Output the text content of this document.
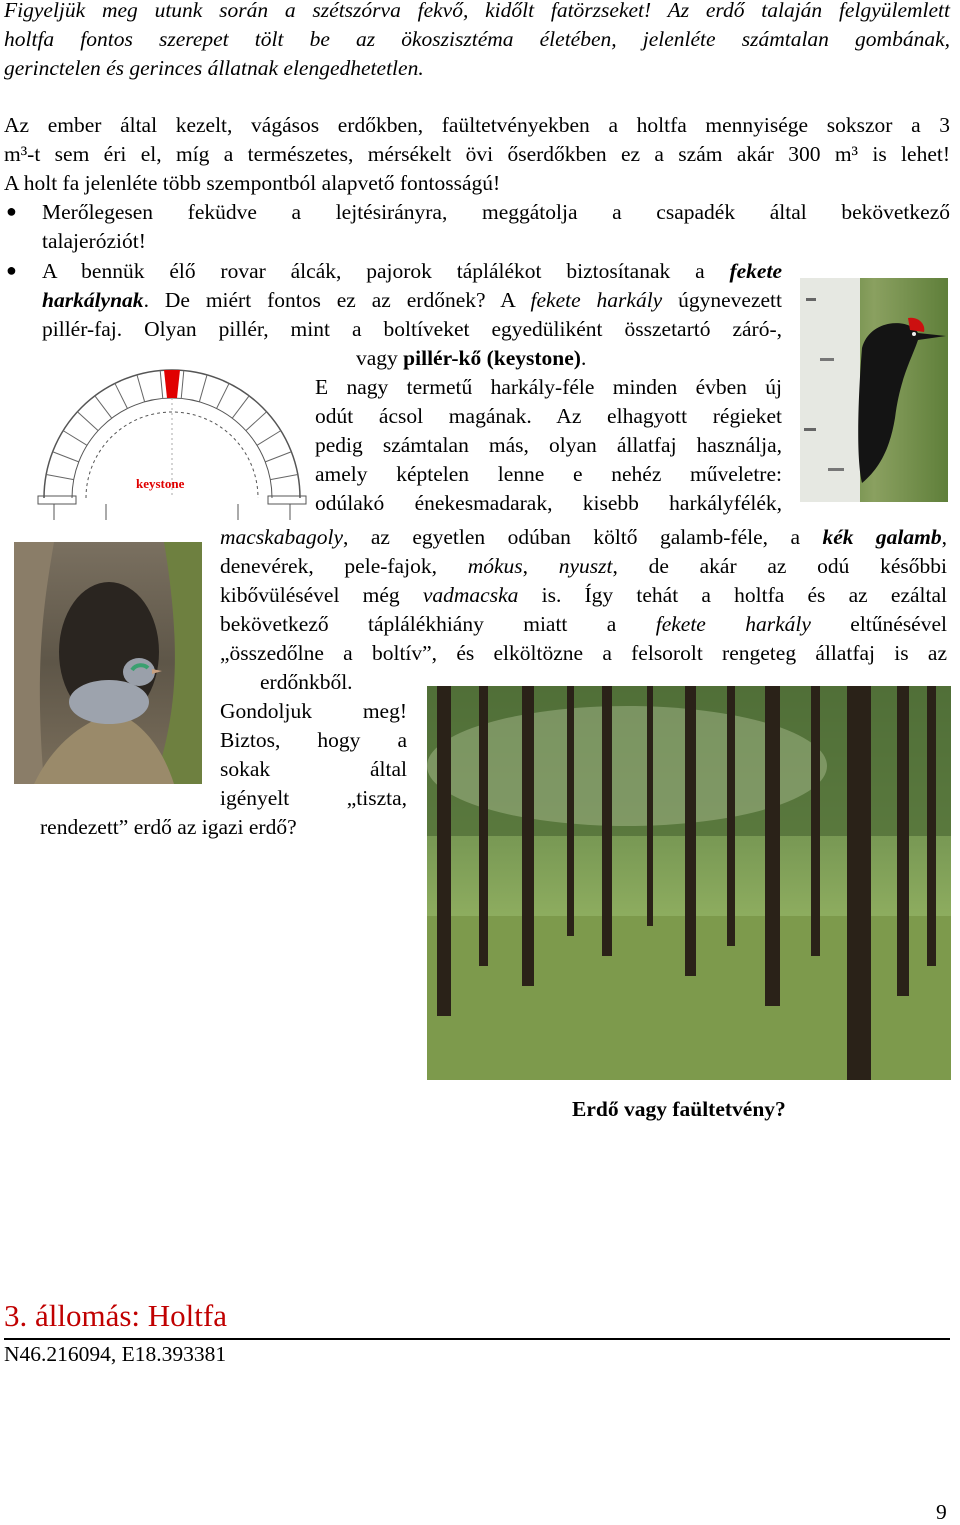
Figyeljük meg utunk során a szétszórva fekvő, kidőlt fatörzseket! Az erdő talaján felgyülemlett
holtfa fontos szerepet tölt be az ökoszisztéma életében, jelenléte számtalan gombának,
gerinctelen és gerinces állatnak elengedhetetlen.
Az ember által kezelt, vágásos erdőkben, faültetvényekben a holtfa mennyisége sokszor a 3
m³-t sem éri el, míg a természetes, mérsékelt övi őserdőkben ez a szám akár 300 m³ is lehet!
A holt fa jelenléte több szempontból alapvető fontosságú!
● Merőlegesen feküdve a lejtésirányra, meggátolja a csapadék által bekövetkező
talajeróziót!
● A bennük élő rovar álcák, pajorok táplálékot biztosítanak a fekete
harkálynak. De miért fontos ez az erdőnek? A fekete harkály úgynevezett
pillér-faj. Olyan pillér, mint a boltíveket egyedüliként összetartó záró-,
vagy pillér-kő (keystone).
keystone
E nagy termetű harkály-féle minden évben új
odút ácsol magának. Az elhagyott régieket
pedig számtalan más, olyan állatfaj használja,
amely képtelen lenne e nehéz műveletre:
odúlakó énekesmadarak, kisebb harkályfélék,
macskabagoly, az egyetlen odúban költő galamb-féle, a kék galamb,
denevérek, pele-fajok, mókus, nyuszt, de akár az odú későbbi
kibővülésével még vadmacska is. Így tehát a holtfa és az ezáltal
bekövetkező táplálékhiány miatt a fekete harkály eltűnésével
„összedőlne a boltív”, és elköltözne a felsorolt rengeteg állatfaj is az
erdőnkből.
Gondoljuk meg!
Biztos, hogy a
sokak által
igényelt „tiszta,
rendezett” erdő az igazi erdő?
Erdő vagy faültetvény?
3. állomás: Holtfa
N46.216094, E18.393381
9
